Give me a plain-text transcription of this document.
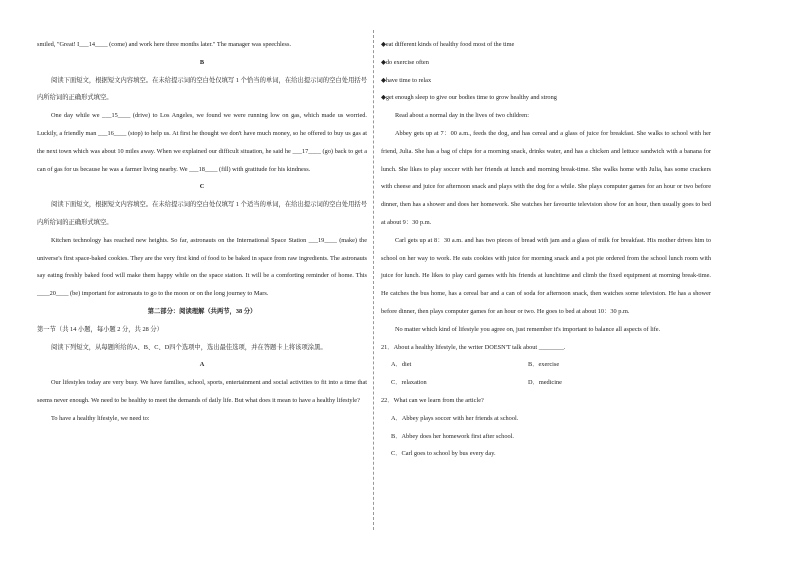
smiled, "Great! I___14____ (come) and work here three months later." The manager was speechless.

B

阅读下面短文，根据短文内容填空。在未给提示词的空白处仅填写 1 个恰当的单词，在给出提示词的空白处用括号内所给词的正确形式填空。

One day while we ___15____ (drive) to Los Angeles, we found we were running low on gas, which made us worried. Luckily, a friendly man ___16____ (stop) to help us. At first he thought we don't have much money, so he offered to buy us gas at the next town which was about 10 miles away. When we explained our difficult situation, he said he ___17____ (go) back to get a can of gas for us because he was a farmer living nearby. We ___18____ (fill) with gratitude for his kindness.

C

阅读下面短文，根据短文内容填空。在未给提示词的空白处仅填写 1 个适当的单词，在给出提示词的空白处用括号内所给词的正确形式填空。

Kitchen technology has reached new heights. So far, astronauts on the International Space Station ___19____ (make) the universe's first space-baked cookies. They are the very first kind of food to be baked in space from raw ingredients. The astronauts say eating freshly baked food will make them happy while on the space station. It will be a comforting reminder of home. This ____20____ (be) important for astronauts to go to the moon or on the long journey to Mars.

第二部分：阅读理解（共两节，38 分）

第一节（共 14 小题，每小题 2 分，共 28 分）

阅读下列短文，从每题所给的A、B、C、D四个选项中，选出最佳选项，并在答题卡上将该项涂黑。

A

Our lifestyles today are very busy. We have families, school, sports, entertainment and social activities to fit into a time that seems never enough. We need to be healthy to meet the demands of daily life. But what does it mean to have a healthy lifestyle?

To have a healthy lifestyle, we need to:

◆eat different kinds of healthy food most of the time

◆do exercise often

◆have time to relax

◆get enough sleep to give our bodies time to grow healthy and strong

Read about a normal day in the lives of two children:

Abbey gets up at 7：00 a.m., feeds the dog, and has cereal and a glass of juice for breakfast. She walks to school with her friend, Julia. She has a bag of chips for a morning snack, drinks water, and has a chicken and lettuce sandwich with a banana for lunch. She likes to play soccer with her friends at lunch and morning break-time. She walks home with Julia, has some crackers with cheese and juice for afternoon snack and plays with the dog for a while. She plays computer games for an hour or two before dinner, then has a shower and does her homework. She watches her favourite television show for an hour, then usually goes to bed at about 9：30 p.m.

Carl gets up at 8：30 a.m. and has two pieces of bread with jam and a glass of milk for breakfast. His mother drives him to school on her way to work. He eats cookies with juice for morning snack and a pot pie ordered from the school lunch room with juice for lunch. He likes to play card games with his friends at lunchtime and climb the fixed equipment at morning break-time. He catches the bus home, has a cereal bar and a can of soda for afternoon snack, then watches some television. He has a shower before dinner, then plays computer games for an hour or two. He goes to bed at about 10：30 p.m.

No matter which kind of lifestyle you agree on, just remember it's important to balance all aspects of life.

21．About a healthy lifestyle, the writer DOESN'T talk about ________.

A．diet	B．exercise
C．relaxation	D．medicine

22．What can we learn from the article?

A．Abbey plays soccer with her friends at school.

B．Abbey does her homework first after school.

C．Carl goes to school by bus every day.
